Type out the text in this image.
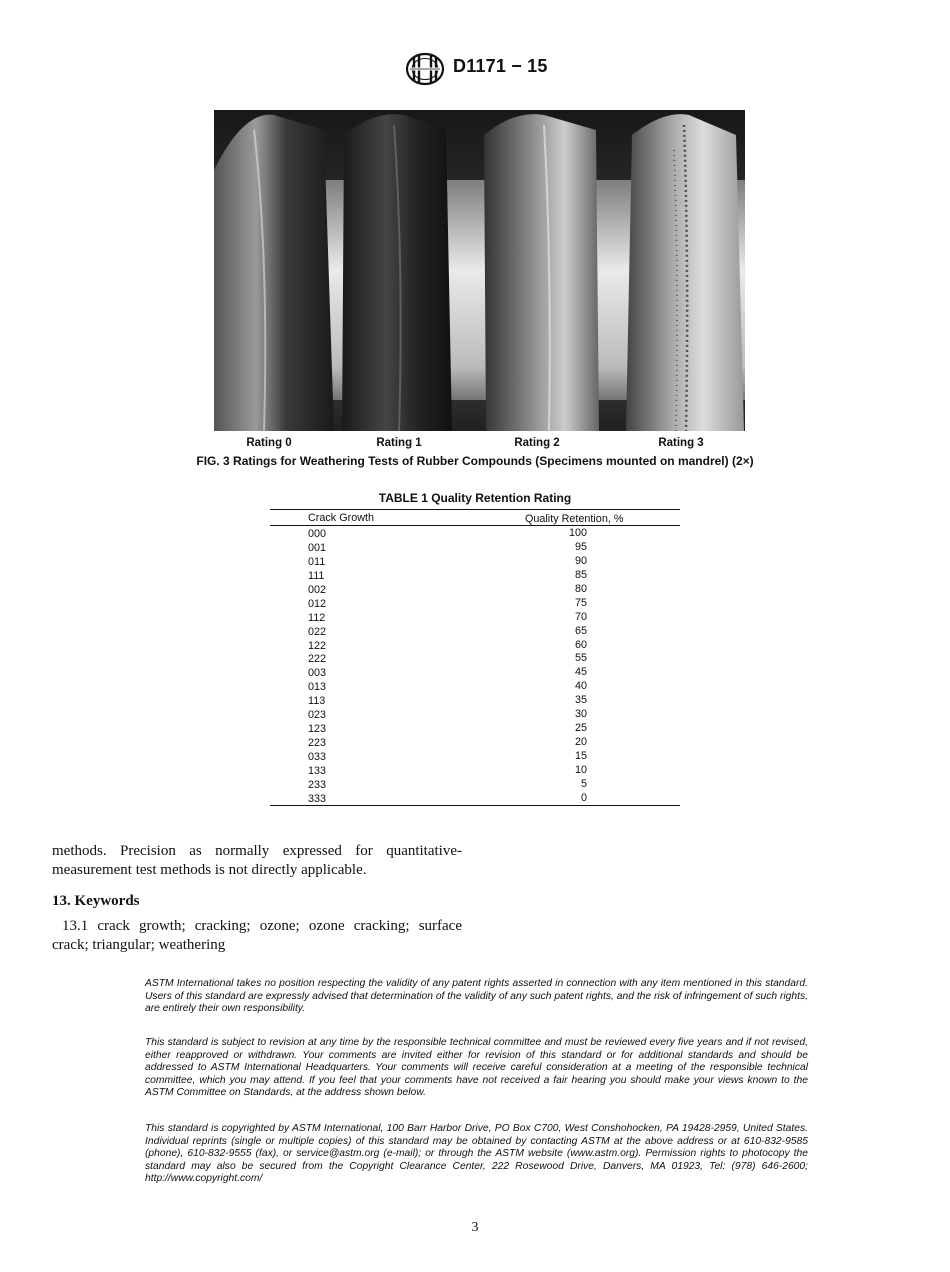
D1171 − 15
Rating 0	Rating 1	Rating 2	Rating 3
FIG. 3 Ratings for Weathering Tests of Rubber Compounds (Specimens mounted on mandrel) (2×)
TABLE 1 Quality Retention Rating
Crack Growth	Quality Retention, %
000	100
001	95
011	90
111	85
002	80
012	75
112	70
022	65
122	60
222	55
003	45
013	40
113	35
023	30
123	25
223	20
033	15
133	10
233	5
333	0
methods. Precision as normally expressed for quantitative-
measurement test methods is not directly applicable.
13. Keywords
13.1 crack growth; cracking; ozone; ozone cracking; surface
crack; triangular; weathering
ASTM International takes no position respecting the validity of any patent rights asserted in connection with any item mentioned in this standard. Users of this standard are expressly advised that determination of the validity of any such patent rights, and the risk of infringement of such rights, are entirely their own responsibility.
This standard is subject to revision at any time by the responsible technical committee and must be reviewed every five years and if not revised, either reapproved or withdrawn. Your comments are invited either for revision of this standard or for additional standards and should be addressed to ASTM International Headquarters. Your comments will receive careful consideration at a meeting of the responsible technical committee, which you may attend. If you feel that your comments have not received a fair hearing you should make your views known to the ASTM Committee on Standards, at the address shown below.
This standard is copyrighted by ASTM International, 100 Barr Harbor Drive, PO Box C700, West Conshohocken, PA 19428-2959, United States. Individual reprints (single or multiple copies) of this standard may be obtained by contacting ASTM at the above address or at 610-832-9585 (phone), 610-832-9555 (fax), or service@astm.org (e-mail); or through the ASTM website (www.astm.org). Permission rights to photocopy the standard may also be secured from the Copyright Clearance Center, 222 Rosewood Drive, Danvers, MA 01923, Tel: (978) 646-2600; http://www.copyright.com/
3
